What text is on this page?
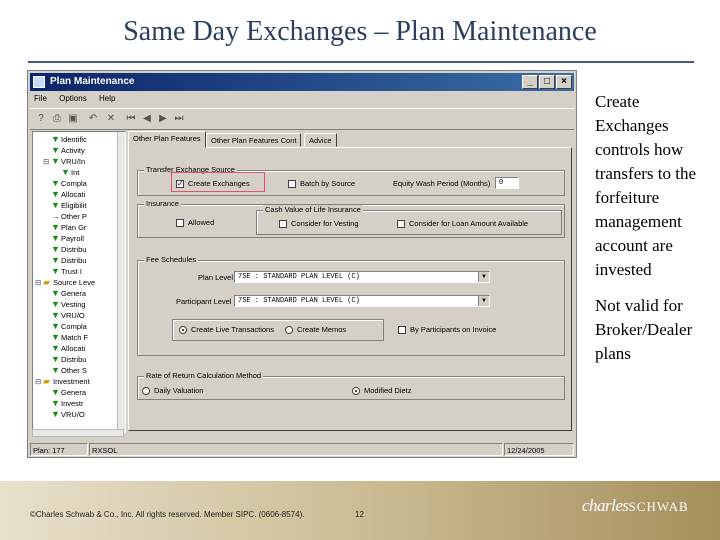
Same Day Exchanges – Plan Maintenance
Plan Maintenance	_	□	×
File Options Help
? ⎙ ▣ ↶ ✕ ⏮ ◀ ▶ ⏭
▼Identific
▼Activity
⊟ ▼VRU/In
▼Int
▼Compla
▼Allocati
▼Eligibilit
→Other P
▼Plan Gr
▼Payroll
▼Distribu
▼Distribu
▼Trust I
⊟ ▰ Source Leve
▼Genera
▼Vesting
▼VRU/O
▼Compla
▼Match F
▼Allocati
▼Distribu
▼Other S
⊟ ▰ Investment
▼Genera
▼Investr
▼VRU/O
Other Plan Features	Other Plan Features Cont	Advice
Transfer Exchange Source
✓ Create Exchanges	Batch by Source	Equity Wash Period (Months)	0
Insurance
Allowed
Cash Value of Life Insurance
Consider for Vesting	Consider for Loan Amount Available
Fee Schedules
Plan Level 7SE : STANDARD PLAN LEVEL (C)	▼
Participant Level 7SE : STANDARD PLAN LEVEL (C)	▼
Create Live Transactions	Create Memos	By Participants on Invoice
Rate of Return Calculation Method
Daily Valuation	Modified Dietz
Plan: 177	RXSOL	12/24/2005
Create Exchanges controls how transfers to the forfeiture management account are invested
Not valid for Broker/Dealer plans
©Charles Schwab & Co., Inc. All rights reserved. Member SIPC. (0606-8574).	12	charlesSCHWAB
